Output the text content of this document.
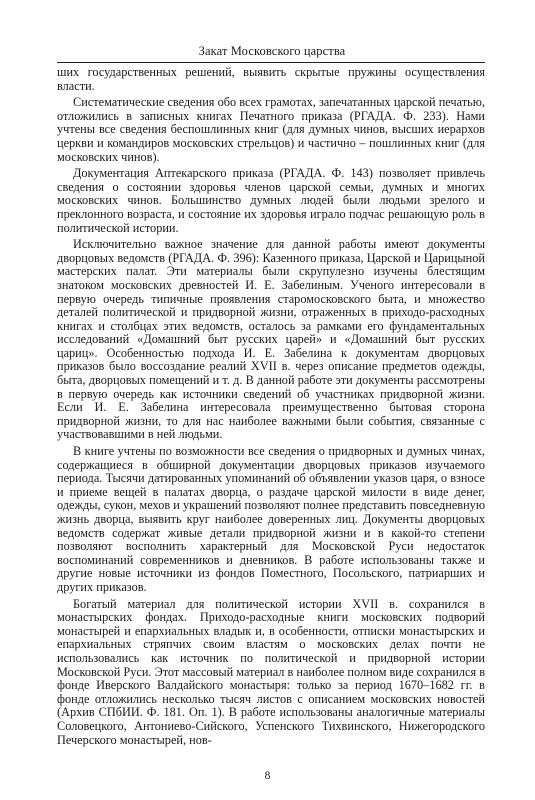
Закат Московского царства

ших государственных решений, выявить скрытые пружины осуществления власти.

Систематические сведения обо всех грамотах, запечатанных царской печатью, отложились в записных книгах Печатного приказа (РГАДА. Ф. 233). Нами учтены все сведения беспошлинных книг (для думных чинов, высших иерархов церкви и командиров московских стрельцов) и частично – пошлинных книг (для московских чинов).

Документация Аптекарского приказа (РГАДА. Ф. 143) позволяет привлечь сведения о состоянии здоровья членов царской семьи, думных и многих московских чинов. Большинство думных людей были людьми зрелого и преклонного возраста, и состояние их здоровья играло подчас решающую роль в политической истории.

Исключительно важное значение для данной работы имеют документы дворцовых ведомств (РГАДА. Ф. 396): Казенного приказа, Царской и Царицыной мастерских палат. Эти материалы были скрупулезно изучены блестящим знатоком московских древностей И. Е. Забелиным. Ученого интересовали в первую очередь типичные проявления старомосковского быта, и множество деталей политической и придворной жизни, отраженных в приходо-расходных книгах и столбцах этих ведомств, осталось за рамками его фундаментальных исследований «Домашний быт русских царей» и «Домашний быт русских цариц». Особенностью подхода И. Е. Забелина к документам дворцовых приказов было воссоздание реалий XVII в. через описание предметов одежды, быта, дворцовых помещений и т. д. В данной работе эти документы рассмотрены в первую очередь как источники сведений об участниках придворной жизни. Если И. Е. Забелина интересовала преимущественно бытовая сторона придворной жизни, то для нас наиболее важными были события, связанные с участвовавшими в ней людьми.

В книге учтены по возможности все сведения о придворных и думных чинах, содержащиеся в обширной документации дворцовых приказов изучаемого периода. Тысячи датированных упоминаний об объявлении указов царя, о взносе и приеме вещей в палатах дворца, о раздаче царской милости в виде денег, одежды, сукон, мехов и украшений позволяют полнее представить повседневную жизнь дворца, выявить круг наиболее доверенных лиц. Документы дворцовых ведомств содержат живые детали придворной жизни и в какой-то степени позволяют восполнить характерный для Московской Руси недостаток воспоминаний современников и дневников. В работе использованы также и другие новые источники из фондов Поместного, Посольского, патриарших и других приказов.

Богатый материал для политической истории XVII в. сохранился в монастырских фондах. Приходо-расходные книги московских подворий монастырей и епархиальных владык и, в особенности, отписки монастырских и епархиальных стряпчих своим властям о московских делах почти не использовались как источник по политической и придворной истории Московской Руси. Этот массовый материал в наиболее полном виде сохранился в фонде Иверского Валдайского монастыря: только за период 1670–1682 гг. в фонде отложились несколько тысяч листов с описанием московских новостей (Архив СПбИИ. Ф. 181. Оп. 1). В работе использованы аналогичные материалы Соловецкого, Антониево-Сийского, Успенского Тихвинского, Нижегородского Печерского монастырей, нов-

8
